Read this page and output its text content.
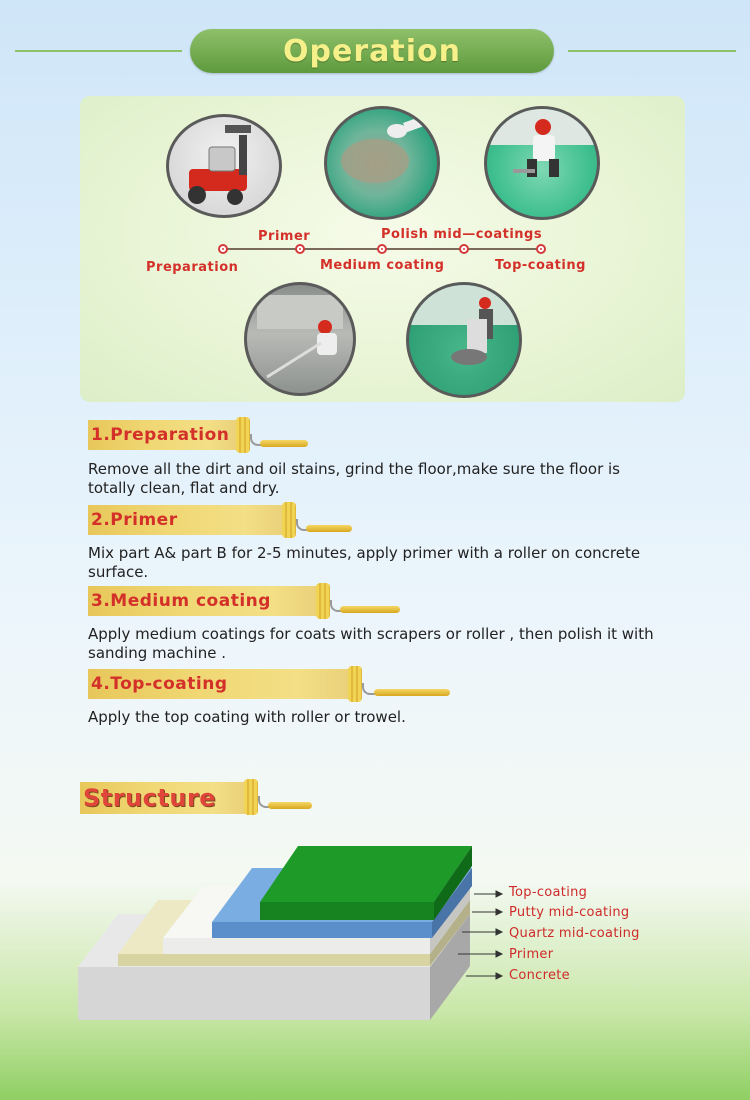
Operation
Preparation
Primer
Medium coating
Polish mid—coatings
Top-coating
1.Preparation
Remove all the dirt and oil stains, grind the floor,make sure the floor is totally clean, flat and dry.
2.Primer
Mix part A& part B for 2-5 minutes, apply primer with a roller on concrete surface.
3.Medium coating
Apply medium coatings for coats with scrapers or roller , then polish it with sanding machine .
4.Top-coating
Apply the top coating with roller or trowel.
Structure
Top-coating
Putty mid-coating
Quartz mid-coating
Primer
Concrete
